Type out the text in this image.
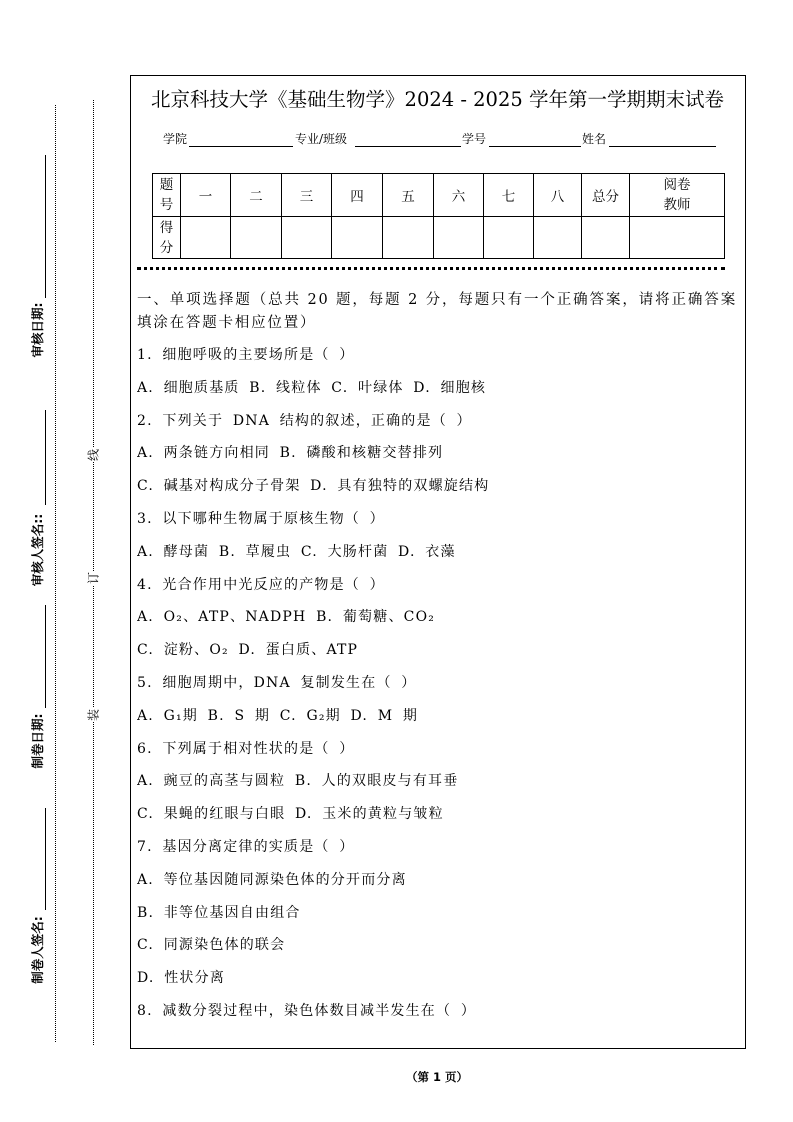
审核日期:
审核人签名::
制卷日期:
制卷人签名:
线
订
装
北京科技大学《基础生物学》2024 - 2025 学年第一学期期末试卷
学院	专业/班级	学号	姓名
题号	一	二	三	四	五	六	七	八	总分	阅卷教师
得分										
一、单项选择题（总共 20 题，每题 2 分，每题只有一个正确答案，请将正确答案填涂在答题卡相应位置）
1. 细胞呼吸的主要场所是（ ）
A. 细胞质基质 B. 线粒体 C. 叶绿体 D. 细胞核
2. 下列关于 DNA 结构的叙述，正确的是（ ）
A. 两条链方向相同 B. 磷酸和核糖交替排列
C. 碱基对构成分子骨架 D. 具有独特的双螺旋结构
3. 以下哪种生物属于原核生物（ ）
A. 酵母菌 B. 草履虫 C. 大肠杆菌 D. 衣藻
4. 光合作用中光反应的产物是（ ）
A. O₂、ATP、NADPH B. 葡萄糖、CO₂
C. 淀粉、O₂ D. 蛋白质、ATP
5. 细胞周期中，DNA 复制发生在（ ）
A. G₁期 B. S 期 C. G₂期 D. M 期
6. 下列属于相对性状的是（ ）
A. 豌豆的高茎与圆粒 B. 人的双眼皮与有耳垂
C. 果蝇的红眼与白眼 D. 玉米的黄粒与皱粒
7. 基因分离定律的实质是（ ）
A. 等位基因随同源染色体的分开而分离
B. 非等位基因自由组合
C. 同源染色体的联会
D. 性状分离
8. 减数分裂过程中，染色体数目减半发生在（ ）
（第 1 页）
